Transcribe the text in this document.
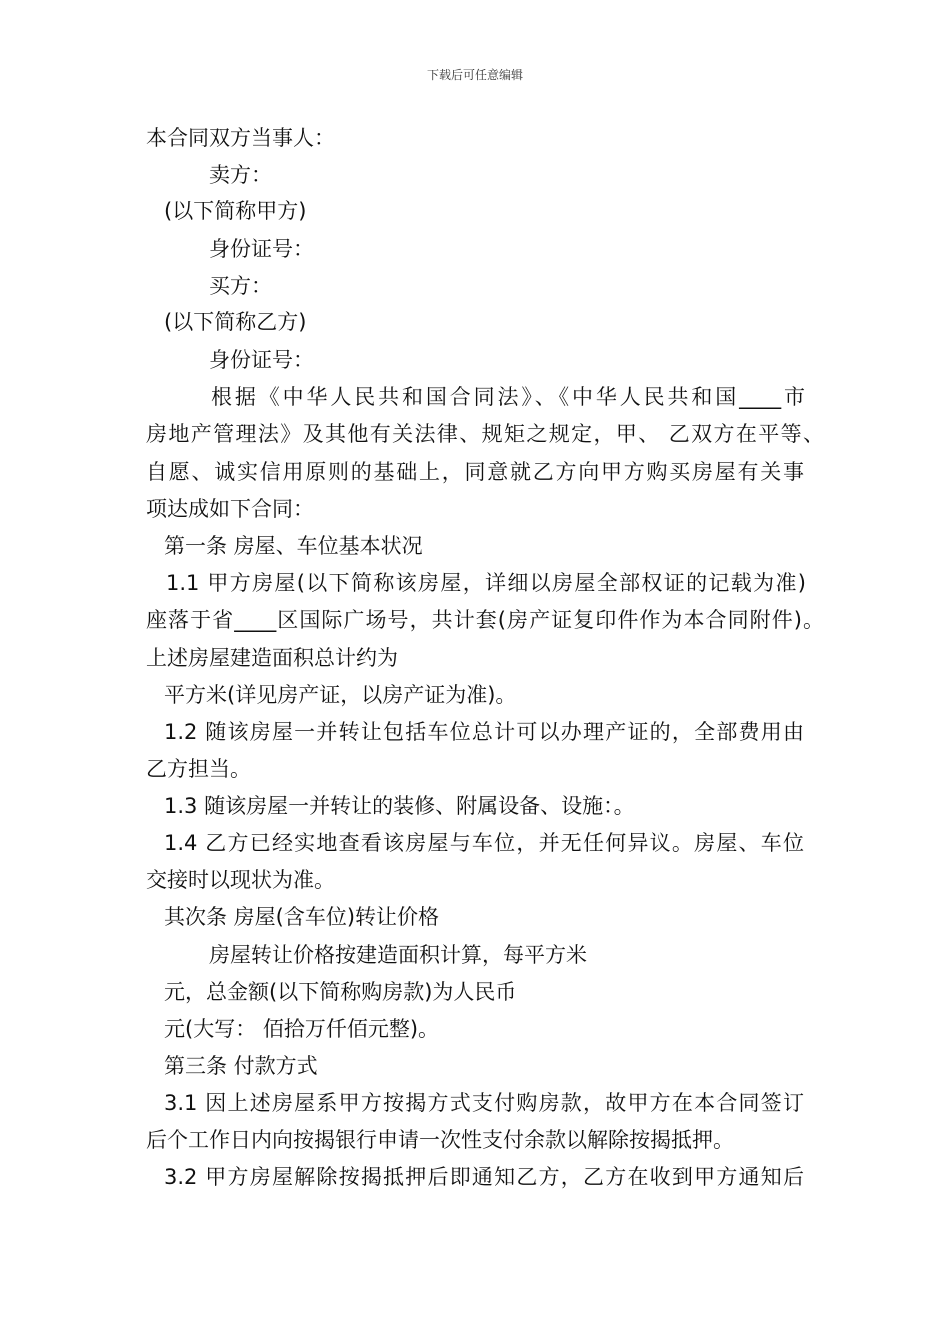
下载后可任意编辑
本合同双方当事人：
卖方：
(以下简称甲方)
身份证号：
买方：
(以下简称乙方)
身份证号：
根据《中华人民共和国合同法》、《中华人民共和国____市
房地产管理法》及其他有关法律、规矩之规定，甲、 乙双方在平等、
自愿、诚实信用原则的基础上，同意就乙方向甲方购买房屋有关事
项达成如下合同：
第一条 房屋、车位基本状况
1.1 甲方房屋(以下简称该房屋，详细以房屋全部权证的记载为准)
座落于省____区国际广场号，共计套(房产证复印件作为本合同附件)。
上述房屋建造面积总计约为
平方米(详见房产证，以房产证为准)。
1.2 随该房屋一并转让包括车位总计可以办理产证的，全部费用由
乙方担当。
1.3 随该房屋一并转让的装修、附属设备、设施：。
1.4 乙方已经实地查看该房屋与车位，并无任何异议。房屋、车位
交接时以现状为准。
其次条 房屋(含车位)转让价格
房屋转让价格按建造面积计算，每平方米
元，总金额(以下简称购房款)为人民币
元(大写： 佰拾万仟佰元整)。
第三条 付款方式
3.1 因上述房屋系甲方按揭方式支付购房款，故甲方在本合同签订
后个工作日内向按揭银行申请一次性支付余款以解除按揭抵押。
3.2 甲方房屋解除按揭抵押后即通知乙方，乙方在收到甲方通知后
